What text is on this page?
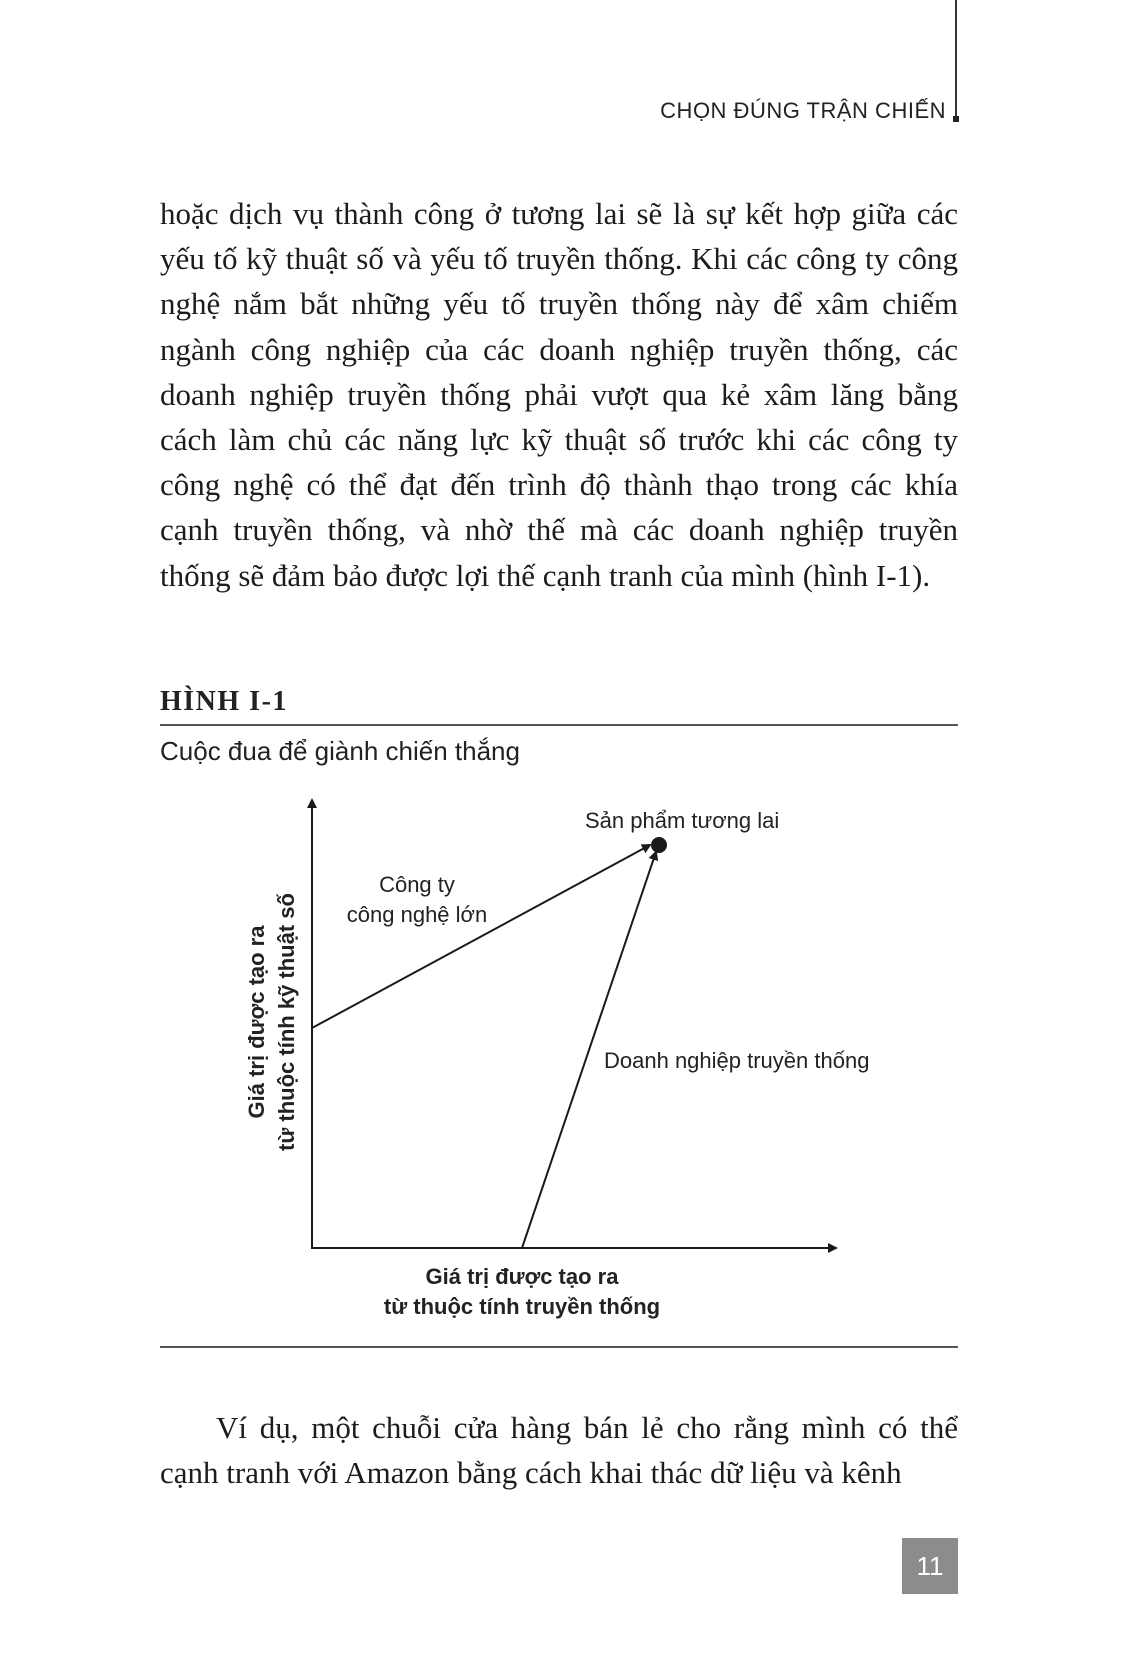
CHỌN ĐÚNG TRẬN CHIẾN

hoặc dịch vụ thành công ở tương lai sẽ là sự kết hợp giữa các yếu tố kỹ thuật số và yếu tố truyền thống. Khi các công ty công nghệ nắm bắt những yếu tố truyền thống này để xâm chiếm ngành công nghiệp của các doanh nghiệp truyền thống, các doanh nghiệp truyền thống phải vượt qua kẻ xâm lăng bằng cách làm chủ các năng lực kỹ thuật số trước khi các công ty công nghệ có thể đạt đến trình độ thành thạo trong các khía cạnh truyền thống, và nhờ thế mà các doanh nghiệp truyền thống sẽ đảm bảo được lợi thế cạnh tranh của mình (hình I-1).

HÌNH I-1
Cuộc đua để giành chiến thắng
Sản phẩm tương lai
Công ty
công nghệ lớn
Doanh nghiệp truyền thống
Giá trị được tạo ra
từ thuộc tính truyền thống
Giá trị được tạo ra từ thuộc tính kỹ thuật số

Ví dụ, một chuỗi cửa hàng bán lẻ cho rằng mình có thể cạnh tranh với Amazon bằng cách khai thác dữ liệu và kênh

11
